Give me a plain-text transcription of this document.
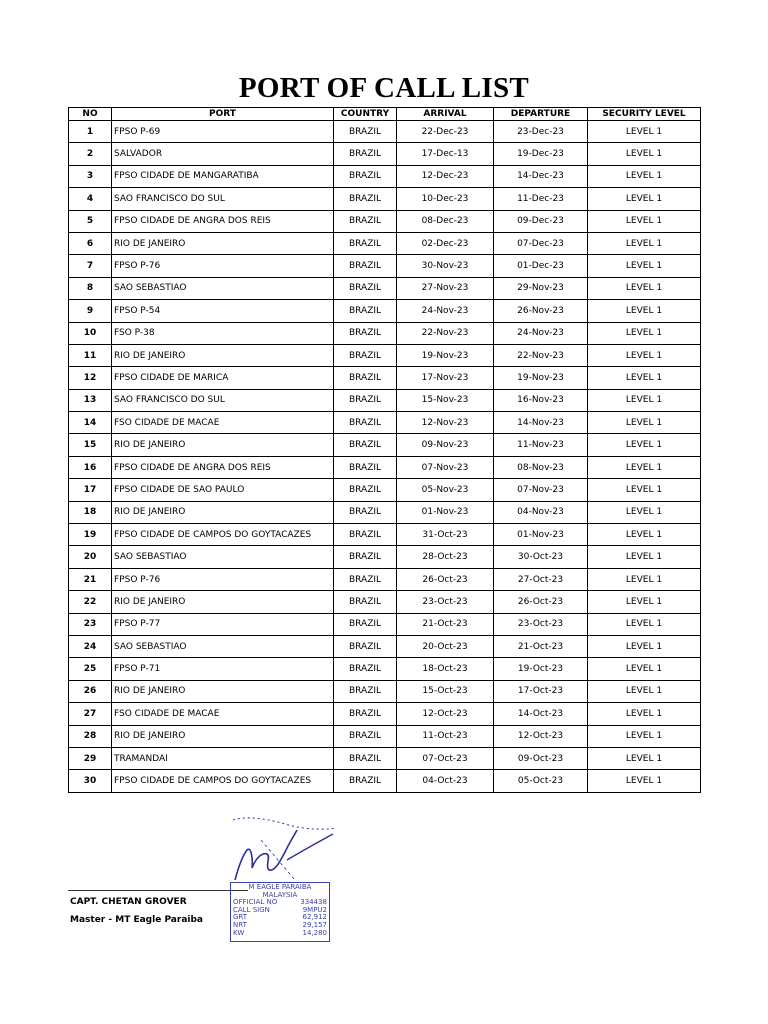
PORT OF CALL LIST
NO	PORT	COUNTRY	ARRIVAL	DEPARTURE	SECURITY LEVEL
1	FPSO P-69	BRAZIL	22-Dec-23	23-Dec-23	LEVEL 1
2	SALVADOR	BRAZIL	17-Dec-13	19-Dec-23	LEVEL 1
3	FPSO CIDADE DE MANGARATIBA	BRAZIL	12-Dec-23	14-Dec-23	LEVEL 1
4	SAO FRANCISCO DO SUL	BRAZIL	10-Dec-23	11-Dec-23	LEVEL 1
5	FPSO CIDADE DE ANGRA DOS REIS	BRAZIL	08-Dec-23	09-Dec-23	LEVEL 1
6	RIO DE JANEIRO	BRAZIL	02-Dec-23	07-Dec-23	LEVEL 1
7	FPSO P-76	BRAZIL	30-Nov-23	01-Dec-23	LEVEL 1
8	SAO SEBASTIAO	BRAZIL	27-Nov-23	29-Nov-23	LEVEL 1
9	FPSO P-54	BRAZIL	24-Nov-23	26-Nov-23	LEVEL 1
10	FSO P-38	BRAZIL	22-Nov-23	24-Nov-23	LEVEL 1
11	RIO DE JANEIRO	BRAZIL	19-Nov-23	22-Nov-23	LEVEL 1
12	FPSO CIDADE DE MARICA	BRAZIL	17-Nov-23	19-Nov-23	LEVEL 1
13	SAO FRANCISCO DO SUL	BRAZIL	15-Nov-23	16-Nov-23	LEVEL 1
14	FSO CIDADE DE MACAE	BRAZIL	12-Nov-23	14-Nov-23	LEVEL 1
15	RIO DE JANEIRO	BRAZIL	09-Nov-23	11-Nov-23	LEVEL 1
16	FPSO CIDADE DE ANGRA DOS REIS	BRAZIL	07-Nov-23	08-Nov-23	LEVEL 1
17	FPSO CIDADE DE SAO PAULO	BRAZIL	05-Nov-23	07-Nov-23	LEVEL 1
18	RIO DE JANEIRO	BRAZIL	01-Nov-23	04-Nov-23	LEVEL 1
19	FPSO CIDADE DE CAMPOS DO GOYTACAZES	BRAZIL	31-Oct-23	01-Nov-23	LEVEL 1
20	SAO SEBASTIAO	BRAZIL	28-Oct-23	30-Oct-23	LEVEL 1
21	FPSO P-76	BRAZIL	26-Oct-23	27-Oct-23	LEVEL 1
22	RIO DE JANEIRO	BRAZIL	23-Oct-23	26-Oct-23	LEVEL 1
23	FPSO P-77	BRAZIL	21-Oct-23	23-Oct-23	LEVEL 1
24	SAO SEBASTIAO	BRAZIL	20-Oct-23	21-Oct-23	LEVEL 1
25	FPSO P-71	BRAZIL	18-Oct-23	19-Oct-23	LEVEL 1
26	RIO DE JANEIRO	BRAZIL	15-Oct-23	17-Oct-23	LEVEL 1
27	FSO CIDADE DE MACAE	BRAZIL	12-Oct-23	14-Oct-23	LEVEL 1
28	RIO DE JANEIRO	BRAZIL	11-Oct-23	12-Oct-23	LEVEL 1
29	TRAMANDAI	BRAZIL	07-Oct-23	09-Oct-23	LEVEL 1
30	FPSO CIDADE DE CAMPOS DO GOYTACAZES	BRAZIL	04-Oct-23	05-Oct-23	LEVEL 1
CAPT. CHETAN GROVER
Master - MT Eagle Paraiba
M EAGLE PARAIBA
MALAYSIA
OFFICIAL NO	334438
CALL SIGN	9MPU2
GRT	62,912
NRT	29,157
KW	14,280
